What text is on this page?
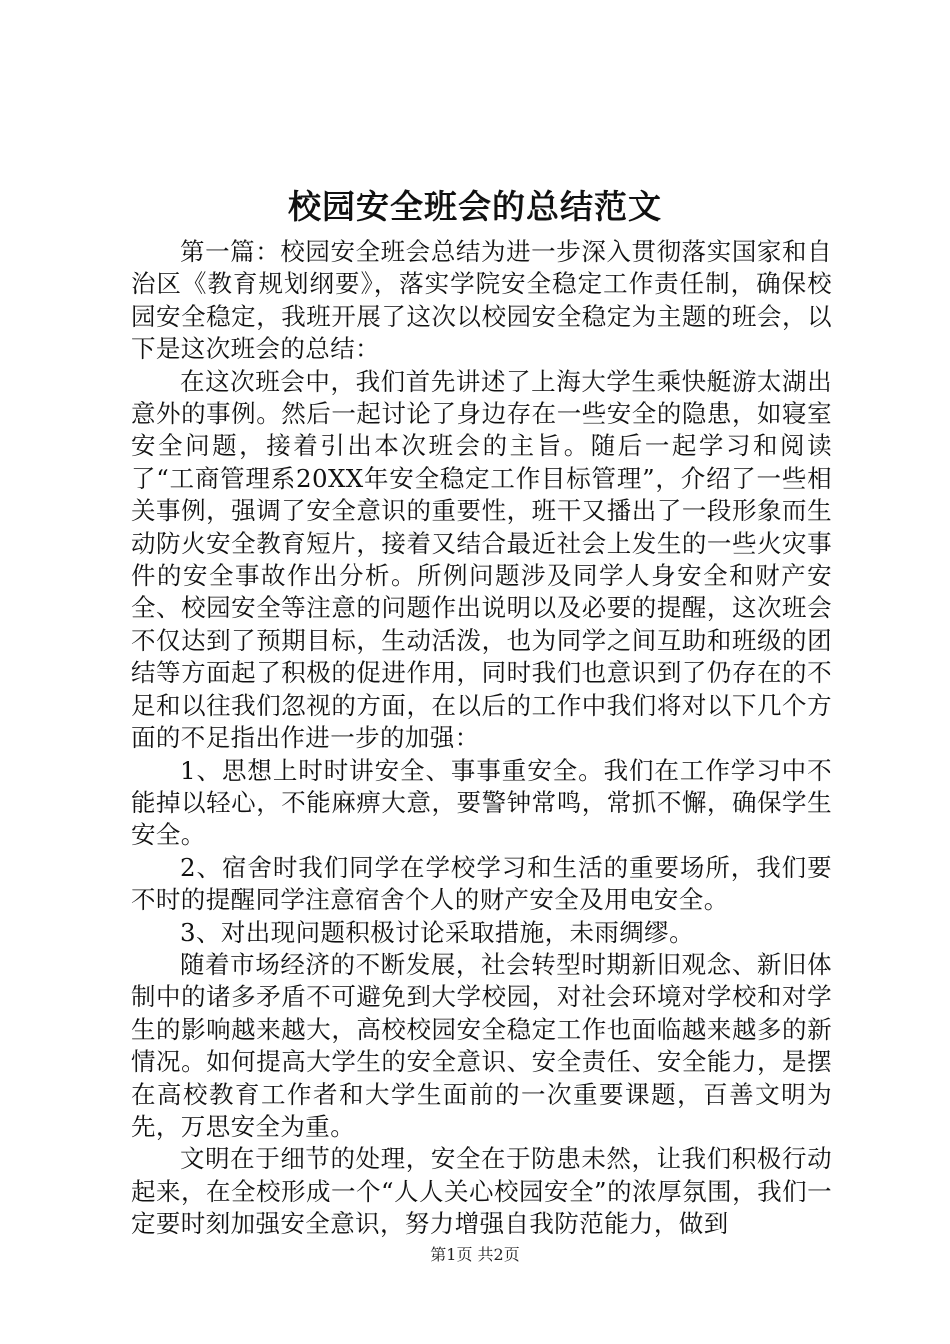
校园安全班会的总结范文

第一篇：校园安全班会总结为进一步深入贯彻落实国家和自治区《教育规划纲要》，落实学院安全稳定工作责任制，确保校园安全稳定，我班开展了这次以校园安全稳定为主题的班会，以下是这次班会的总结：

在这次班会中，我们首先讲述了上海大学生乘快艇游太湖出意外的事例。然后一起讨论了身边存在一些安全的隐患，如寝室安全问题，接着引出本次班会的主旨。随后一起学习和阅读了“工商管理系20XX年安全稳定工作目标管理”，介绍了一些相关事例，强调了安全意识的重要性，班干又播出了一段形象而生动防火安全教育短片，接着又结合最近社会上发生的一些火灾事件的安全事故作出分析。所例问题涉及同学人身安全和财产安全、校园安全等注意的问题作出说明以及必要的提醒，这次班会不仅达到了预期目标，生动活泼，也为同学之间互助和班级的团结等方面起了积极的促进作用，同时我们也意识到了仍存在的不足和以往我们忽视的方面，在以后的工作中我们将对以下几个方面的不足指出作进一步的加强：

1、思想上时时讲安全、事事重安全。我们在工作学习中不能掉以轻心，不能麻痹大意，要警钟常鸣，常抓不懈，确保学生安全。

2、宿舍时我们同学在学校学习和生活的重要场所，我们要不时的提醒同学注意宿舍个人的财产安全及用电安全。

3、对出现问题积极讨论采取措施，未雨绸缪。

随着市场经济的不断发展，社会转型时期新旧观念、新旧体制中的诸多矛盾不可避免到大学校园，对社会环境对学校和对学生的影响越来越大，高校校园安全稳定工作也面临越来越多的新情况。如何提高大学生的安全意识、安全责任、安全能力，是摆在高校教育工作者和大学生面前的一次重要课题，百善文明为先，万思安全为重。

文明在于细节的处理，安全在于防患未然，让我们积极行动起来，在全校形成一个“人人关心校园安全”的浓厚氛围，我们一定要时刻加强安全意识，努力增强自我防范能力，做到

第1页 共2页
